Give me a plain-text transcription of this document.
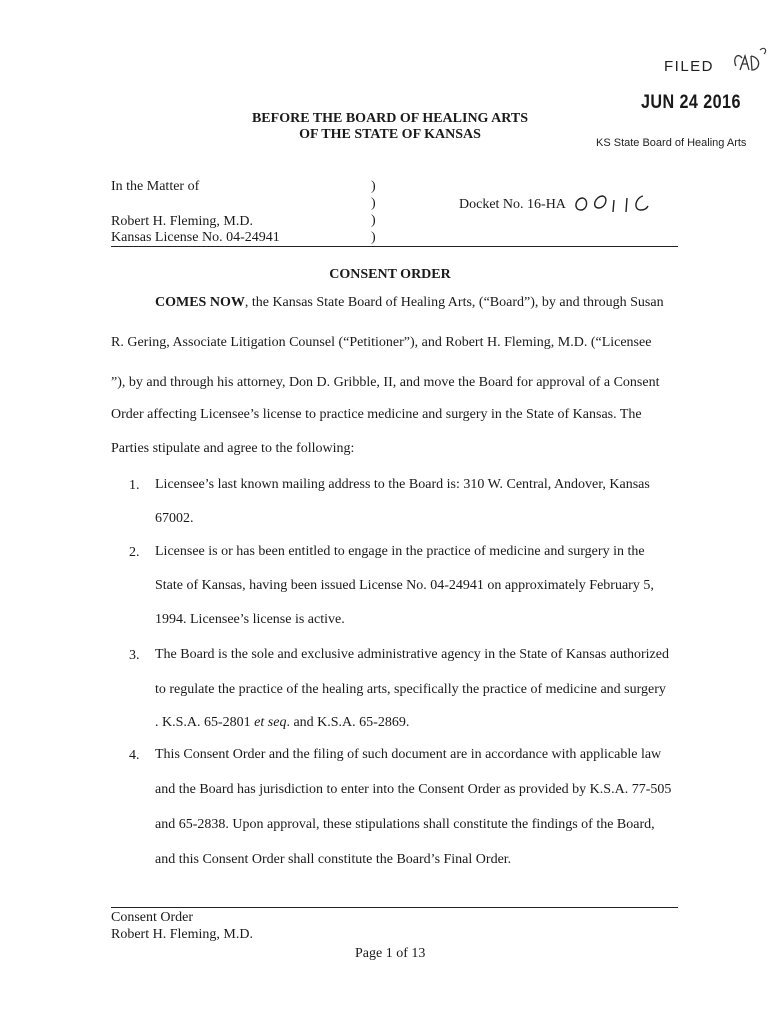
FILED
JUN 24 2016
KS State Board of Healing Arts
BEFORE THE BOARD OF HEALING ARTS
OF THE STATE OF KANSAS
In the Matter of
Robert H. Fleming, M.D.
Kansas License No. 04-24941
)
)
)
)
Docket No. 16-HA
CONSENT ORDER
COMES NOW, the Kansas State Board of Healing Arts, (“Board”), by and through Susan
R. Gering, Associate Litigation Counsel (“Petitioner”), and Robert H. Fleming, M.D. (“Licensee
”), by and through his attorney, Don D. Gribble, II, and move the Board for approval of a Consent
Order affecting Licensee’s license to practice medicine and surgery in the State of Kansas. The
Parties stipulate and agree to the following:
1. Licensee’s last known mailing address to the Board is: 310 W. Central, Andover, Kansas
67002.
2. Licensee is or has been entitled to engage in the practice of medicine and surgery in the
State of Kansas, having been issued License No. 04-24941 on approximately February 5,
1994. Licensee’s license is active.
3. The Board is the sole and exclusive administrative agency in the State of Kansas authorized
to regulate the practice of the healing arts, specifically the practice of medicine and surgery
. K.S.A. 65-2801 et seq. and K.S.A. 65-2869.
4. This Consent Order and the filing of such document are in accordance with applicable law
and the Board has jurisdiction to enter into the Consent Order as provided by K.S.A. 77-505
and 65-2838. Upon approval, these stipulations shall constitute the findings of the Board,
and this Consent Order shall constitute the Board’s Final Order.
Consent Order
Robert H. Fleming, M.D.
Page 1 of 13
